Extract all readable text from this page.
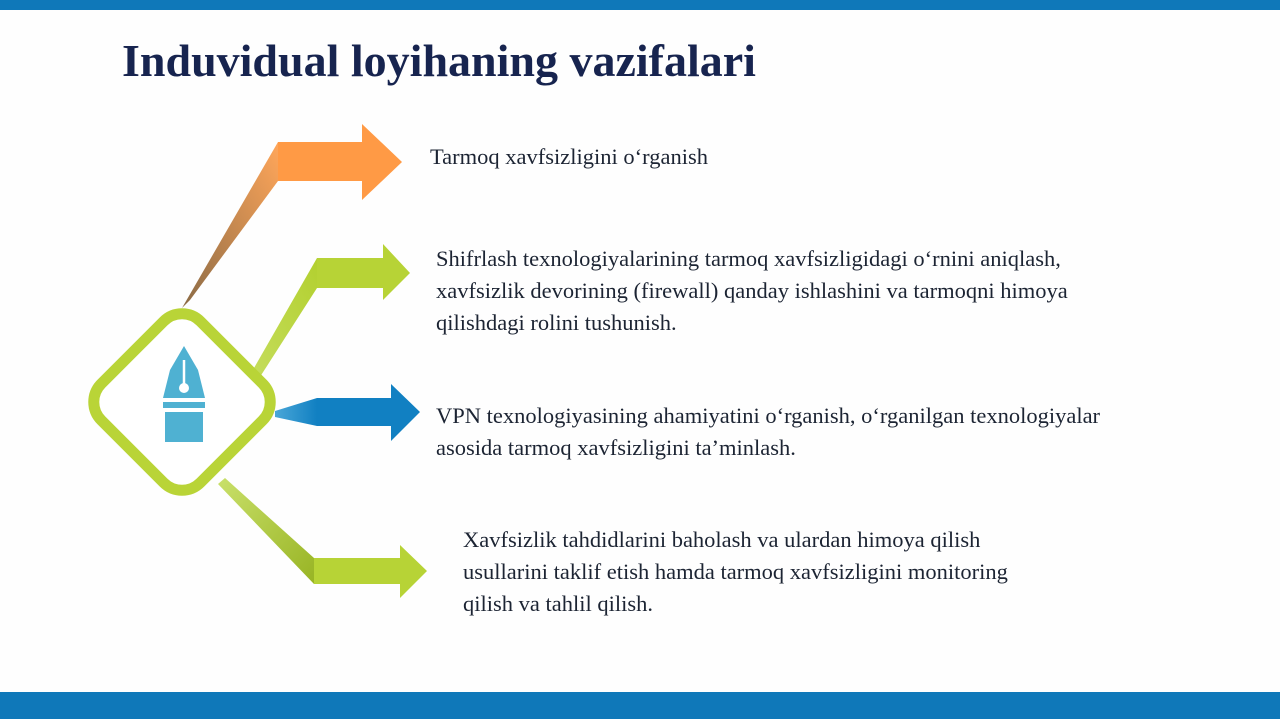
Induvidual loyihaning vazifalari
Tarmoq xavfsizligini o‘rganish
Shifrlash texnologiyalarining tarmoq xavfsizligidagi o‘rnini aniqlash,
xavfsizlik devorining (firewall) qanday ishlashini va tarmoqni himoya
qilishdagi rolini tushunish.
VPN texnologiyasining ahamiyatini o‘rganish, o‘rganilgan texnologiyalar
asosida tarmoq xavfsizligini ta’minlash.
Xavfsizlik tahdidlarini baholash va ulardan himoya qilish
usullarini taklif etish hamda tarmoq xavfsizligini monitoring
qilish va tahlil qilish.
